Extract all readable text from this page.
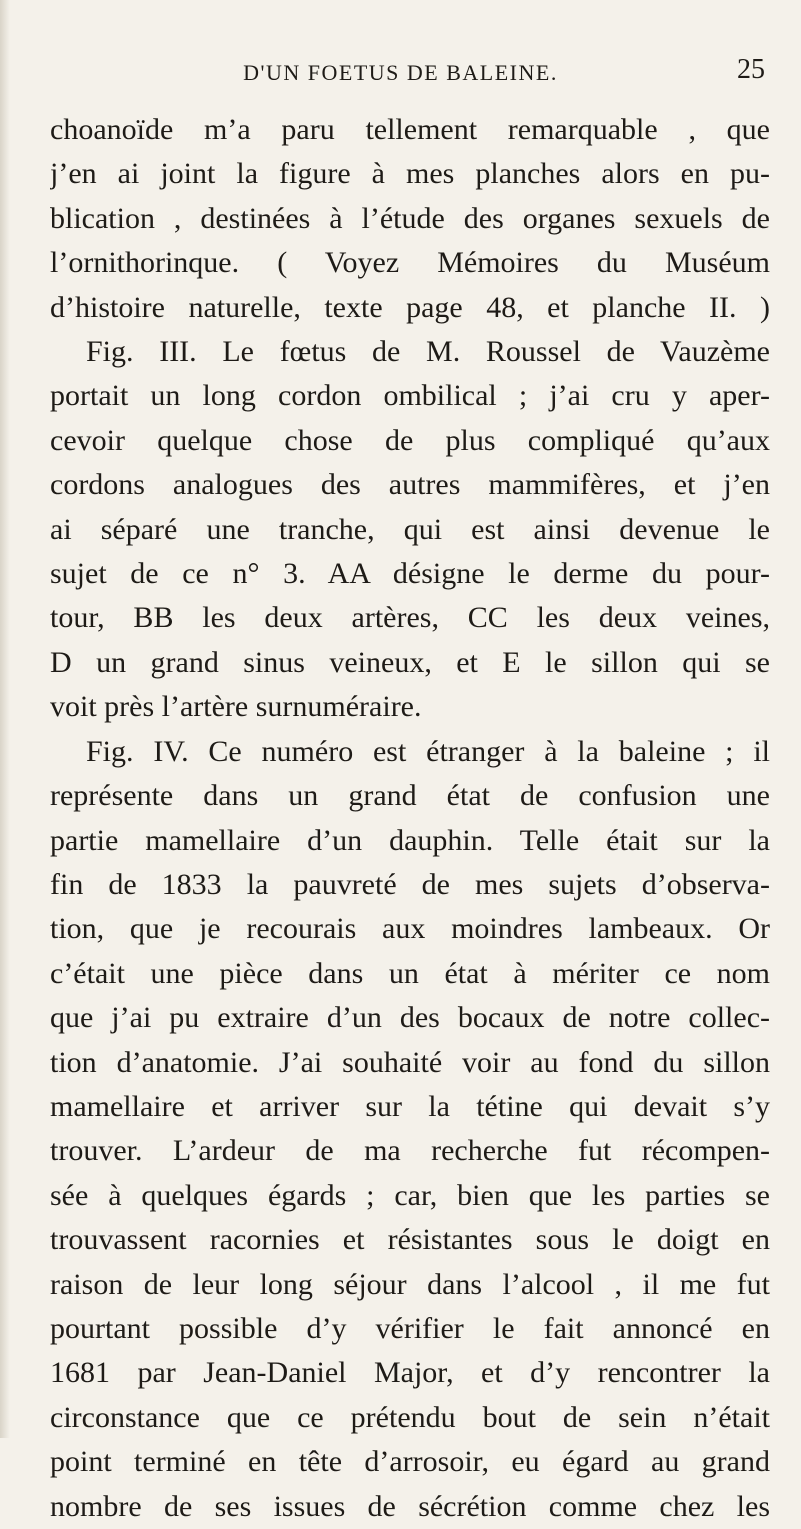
D'UN FOETUS DE BALEINE.	25
choanoïde m’a paru tellement remarquable , que
j’en ai joint la figure à mes planches alors en pu-
blication , destinées à l’étude des organes sexuels de
l’ornithorinque. ( Voyez Mémoires du Muséum
d’histoire naturelle, texte page 48, et planche II. )
Fig. III. Le fœtus de M. Roussel de Vauzème
portait un long cordon ombilical ; j’ai cru y aper-
cevoir quelque chose de plus compliqué qu’aux
cordons analogues des autres mammifères, et j’en
ai séparé une tranche, qui est ainsi devenue le
sujet de ce n° 3. AA désigne le derme du pour-
tour, BB les deux artères, CC les deux veines,
D un grand sinus veineux, et E le sillon qui se
voit près l’artère surnuméraire.
Fig. IV. Ce numéro est étranger à la baleine ; il
représente dans un grand état de confusion une
partie mamellaire d’un dauphin. Telle était sur la
fin de 1833 la pauvreté de mes sujets d’observa-
tion, que je recourais aux moindres lambeaux. Or
c’était une pièce dans un état à mériter ce nom
que j’ai pu extraire d’un des bocaux de notre collec-
tion d’anatomie. J’ai souhaité voir au fond du sillon
mamellaire et arriver sur la tétine qui devait s’y
trouver. L’ardeur de ma recherche fut récompen-
sée à quelques égards ; car, bien que les parties se
trouvassent racornies et résistantes sous le doigt en
raison de leur long séjour dans l’alcool , il me fut
pourtant possible d’y vérifier le fait annoncé en
1681 par Jean-Daniel Major, et d’y rencontrer la
circonstance que ce prétendu bout de sein n’était
point terminé en tête d’arrosoir, eu égard au grand
nombre de ses issues de sécrétion comme chez les
